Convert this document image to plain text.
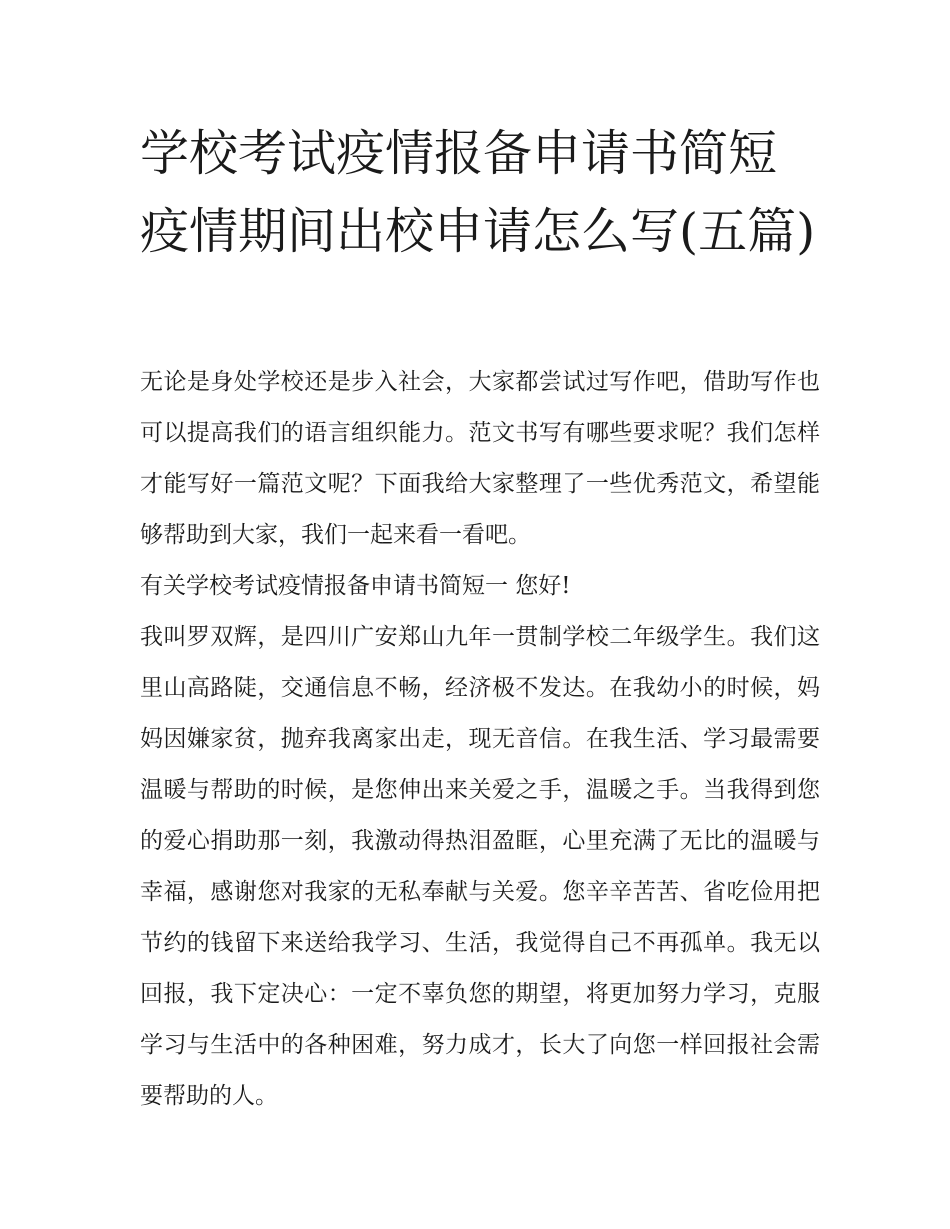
学校考试疫情报备申请书简短疫情期间出校申请怎么写(五篇)

无论是身处学校还是步入社会，大家都尝试过写作吧，借助写作也可以提高我们的语言组织能力。范文书写有哪些要求呢？我们怎样才能写好一篇范文呢？下面我给大家整理了一些优秀范文，希望能够帮助到大家，我们一起来看一看吧。

有关学校考试疫情报备申请书简短一 您好!

我叫罗双辉，是四川广安郑山九年一贯制学校二年级学生。我们这里山高路陡，交通信息不畅，经济极不发达。在我幼小的时候，妈妈因嫌家贫，抛弃我离家出走，现无音信。在我生活、学习最需要温暖与帮助的时候，是您伸出来关爱之手，温暖之手。当我得到您的爱心捐助那一刻，我激动得热泪盈眶，心里充满了无比的温暖与幸福，感谢您对我家的无私奉献与关爱。您辛辛苦苦、省吃俭用把节约的钱留下来送给我学习、生活，我觉得自己不再孤单。我无以回报，我下定决心：一定不辜负您的期望，将更加努力学习，克服学习与生活中的各种困难，努力成才，长大了向您一样回报社会需要帮助的人。
